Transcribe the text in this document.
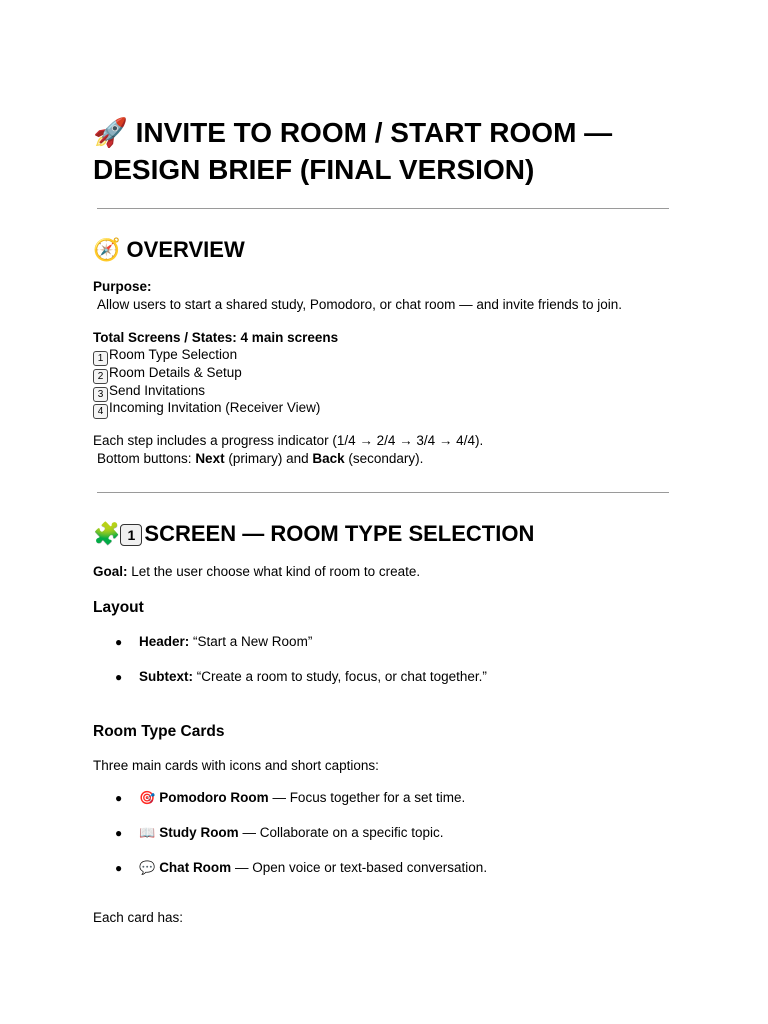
🚀 INVITE TO ROOM / START ROOM — DESIGN BRIEF (FINAL VERSION)
🧭 OVERVIEW
Purpose:
Allow users to start a shared study, Pomodoro, or chat room — and invite friends to join.
Total Screens / States: 4 main screens
1 Room Type Selection
2 Room Details & Setup
3 Send Invitations
4 Incoming Invitation (Receiver View)
Each step includes a progress indicator (1/4 → 2/4 → 3/4 → 4/4).
Bottom buttons: Next (primary) and Back (secondary).
🧩 1 SCREEN — ROOM TYPE SELECTION
Goal: Let the user choose what kind of room to create.
Layout
● Header: “Start a New Room”
● Subtext: “Create a room to study, focus, or chat together.”
Room Type Cards
Three main cards with icons and short captions:
● 🎯 Pomodoro Room — Focus together for a set time.
● 📖 Study Room — Collaborate on a specific topic.
● 💬 Chat Room — Open voice or text-based conversation.
Each card has:
